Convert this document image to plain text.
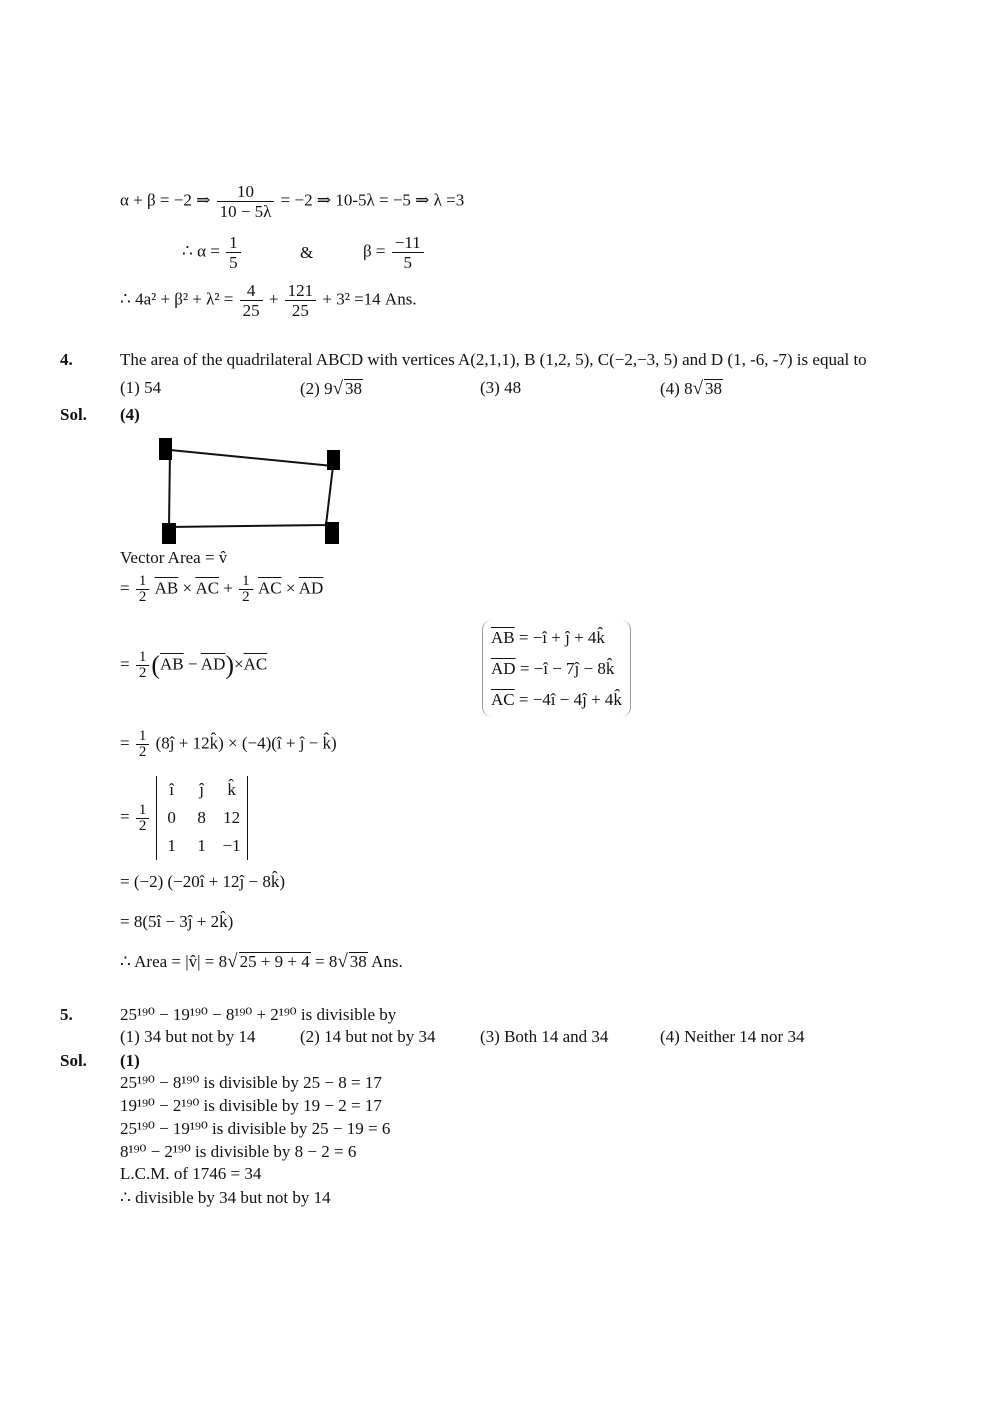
α + β = −2 ⇒ $\frac{10}{10 - 5\lambda} = -2$ ⇒ 10-5λ = −5 ⇒ λ =3
∴ $\alpha = \frac{1}{5}$	&	$\beta = \frac{-11}{5}$
∴ $4a^2 + \beta^2 + \lambda^2 = \frac{4}{25} + \frac{121}{25} + 3^2 =14$ Ans.
4.	The area of the quadrilateral ABCD with vertices A(2,1,1), B (1,2, 5), C(−2,−3, 5) and D (1, -6, -7) is equal to
(1) 54	(2) 9√ 38	(3) 48	(4) 8√ 38
Sol. (4)
Vector Area = v̂
= $\frac{1}{2} \overline{AB} \times \overline{AC} + \frac{1}{2} \overline{AC} \times \overline{AD}$
= $\frac{1}{2} (\overline{AB} - \overline{AD})\times\overline{AC}$
$\overline{AB}$ = −î + ĵ + 4k̂
$\overline{AD}$ = −î − 7ĵ − 8k̂
$\overline{AC}$ = −4î − 4ĵ + 4k̂
= $\frac{1}{2}$ (8ĵ + 12k̂) × (−4)(î + ĵ − k̂)
= $\frac{1}{2}$

î	ĵ	k̂
0	8	12
1	1 −1
= (−2) (−20î + 12ĵ − 8k̂)
= 8(5î − 3ĵ + 2k̂)
∴ Area = |v̂| = 8√ 25 + 9 + 4 = 8√ 38 Ans.
5.	25¹⁹⁰ − 19¹⁹⁰ − 8¹⁹⁰ + 2¹⁹⁰ is divisible by
(1) 34 but not by 14	(2) 14 but not by 34	(3) Both 14 and 34	(4) Neither 14 nor 34
Sol. (1)
25¹⁹⁰ − 8¹⁹⁰ is divisible by 25 − 8 = 17
19¹⁹⁰ − 2¹⁹⁰ is divisible by 19 − 2 = 17
25¹⁹⁰ − 19¹⁹⁰ is divisible by 25 − 19 = 6
8¹⁹⁰ − 2¹⁹⁰ is divisible by 8 − 2 = 6
L.C.M. of 1746 = 34
∴ divisible by 34 but not by 14
